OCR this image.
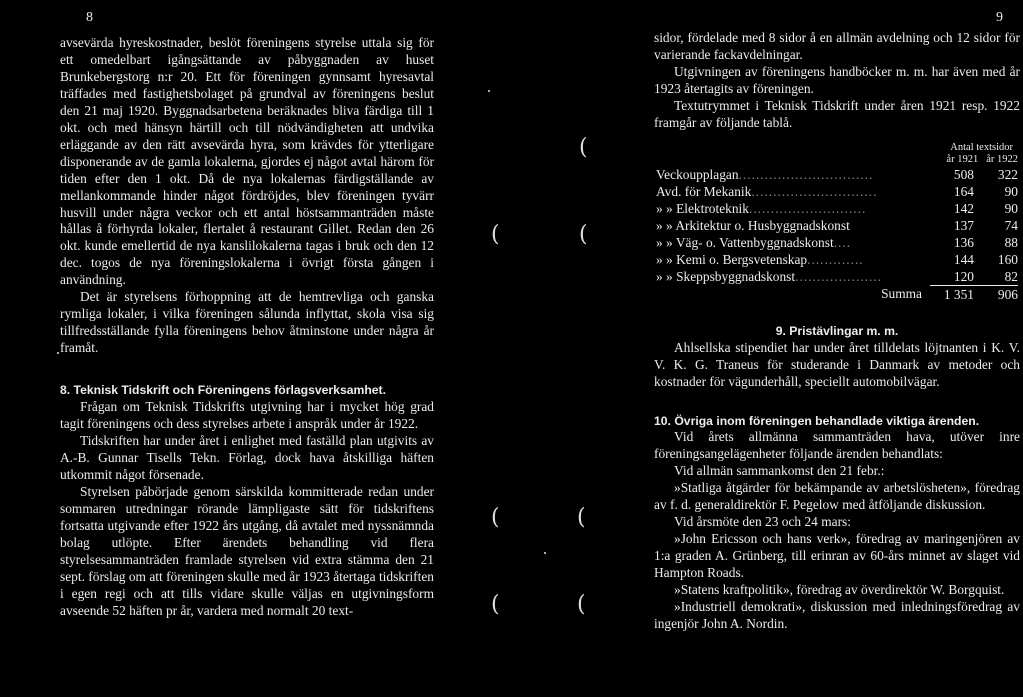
8

avsevärda hyreskostnader, beslöt föreningens styrelse uttala sig för ett omedelbart igångsättande av påbyggnaden av huset Brunkebergstorg n:r 20. Ett för föreningen gynnsamt hyresavtal träffades med fastighetsbolaget på grundval av föreningens beslut den 21 maj 1920. Byggnadsarbetena beräknades bliva färdiga till 1 okt. och med hänsyn härtill och till nödvändigheten att undvika erläggande av den rätt avsevärda hyra, som krävdes för ytterligare disponerande av de gamla lokalerna, gjordes ej något avtal härom för tiden efter den 1 okt. Då de nya lokalernas färdigställande av mellankommande hinder något fördröjdes, blev föreningen tyvärr husvill under några veckor och ett antal höstsammanträden måste hållas å förhyrda lokaler, flertalet å restaurant Gillet. Redan den 26 okt. kunde emellertid de nya kanslilokalerna tagas i bruk och den 12 dec. togos de nya föreningslokalerna i övrigt första gången i användning.

Det är styrelsens förhoppning att de hemtrevliga och ganska rymliga lokaler, i vilka föreningen sålunda inflyttat, skola visa sig tillfredsställande fylla föreningens behov åtminstone under några år framåt.

8. Teknisk Tidskrift och Föreningens förlagsverksamhet.

Frågan om Teknisk Tidskrifts utgivning har i mycket hög grad tagit föreningens och dess styrelses arbete i anspråk under år 1922.

Tidskriften har under året i enlighet med faställd plan utgivits av A.-B. Gunnar Tisells Tekn. Förlag, dock hava åtskilliga häften utkommit något försenade.

Styrelsen påbörjade genom särskilda kommitterade redan under sommaren utredningar rörande lämpligaste sätt för tidskriftens fortsatta utgivande efter 1922 års utgång, då avtalet med nyssnämnda bolag utlöpte. Efter ärendets behandling vid flera styrelsesammanträden framlade styrelsen vid extra stämma den 21 sept. förslag om att föreningen skulle med år 1923 återtaga tidskriften i egen regi och att tills vidare skulle väljas en utgivningsform avseende 52 häften pr år, vardera med normalt 20 text-

(
(	(
(	(
(	(
9

sidor, fördelade med 8 sidor å en allmän avdelning och 12 sidor för varierande fackavdelningar.

Utgivningen av föreningens handböcker m. m. har även med år 1923 återtagits av föreningen.

Textutrymmet i Teknisk Tidskrift under åren 1921 resp. 1922 framgår av följande tablå.

Antal textsidor
år 1921 år 1922
Veckoupplagan...............................	508	322
Avd. för Mekanik.............................	164	90
» » Elektroteknik...........................	142	90
» » Arkitektur o. Husbyggnadskonst	137	74
» » Väg- o. Vattenbyggnadskonst....	136	88
» » Kemi o. Bergsvetenskap.............	144	160
» » Skeppsbyggnadskonst....................	120	82
Summa	1 351	906

9. Pristävlingar m. m.

Ahlsellska stipendiet har under året tilldelats löjtnanten i K. V. V. K. G. Traneus för studerande i Danmark av metoder och kostnader för vägunderhåll, speciellt automobilvägar.

10. Övriga inom föreningen behandlade viktiga ärenden.

Vid årets allmänna sammanträden hava, utöver inre föreningsangelägenheter följande ärenden behandlats:

Vid allmän sammankomst den 21 febr.:

»Statliga åtgärder för bekämpande av arbetslösheten», föredrag av f. d. generaldirektör F. Pegelow med åtföljande diskussion.

Vid årsmöte den 23 och 24 mars:

»John Ericsson och hans verk», föredrag av maringenjören av 1:a graden A. Grünberg, till erinran av 60-års minnet av slaget vid Hampton Roads.

»Statens kraftpolitik», föredrag av överdirektör W. Borgquist.

»Industriell demokrati», diskussion med inledningsföredrag av ingenjör John A. Nordin.
